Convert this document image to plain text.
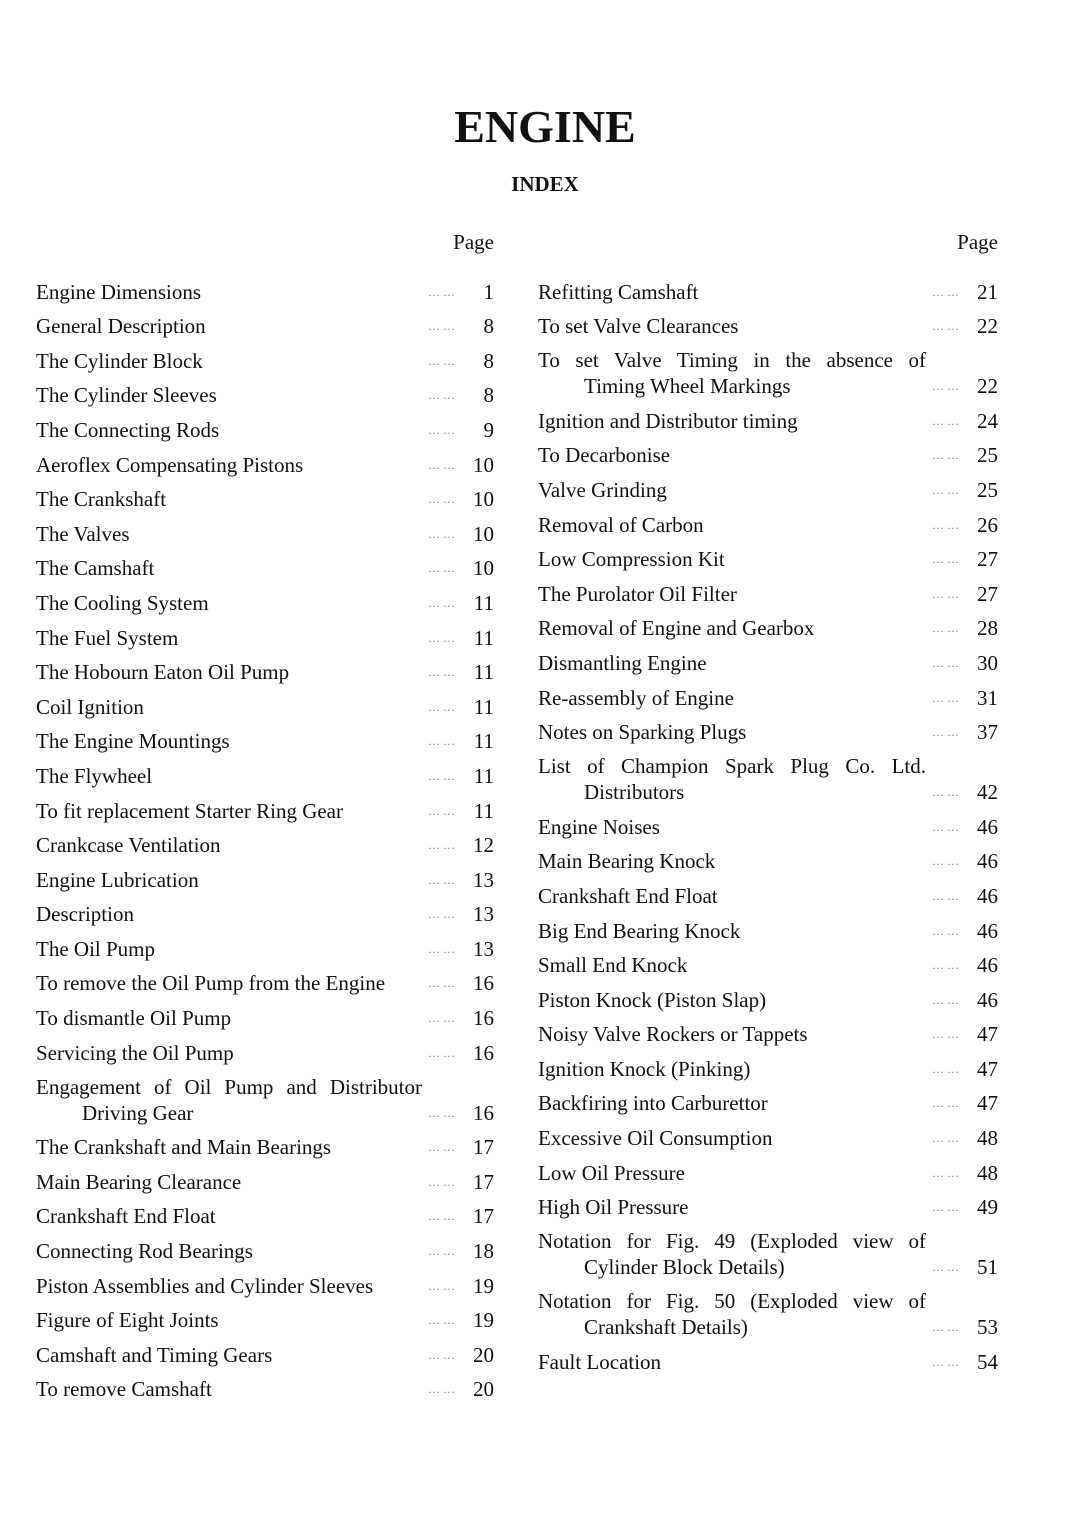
ENGINE
INDEX
Page
Engine Dimensions	……	1
General Description	……	8
The Cylinder Block	……	8
The Cylinder Sleeves	……	8
The Connecting Rods	……	9
Aeroflex Compensating Pistons	…… 10
The Crankshaft	…… 10
The Valves	…… 10
The Camshaft	…… 10
The Cooling System	…… 11
The Fuel System	…… 11
The Hobourn Eaton Oil Pump	…… 11
Coil Ignition	…… 11
The Engine Mountings	…… 11
The Flywheel	…… 11
To fit replacement Starter Ring Gear	…… 11
Crankcase Ventilation	…… 12
Engine Lubrication	…… 13
Description	…… 13
The Oil Pump	…… 13
To remove the Oil Pump from the Engine	…… 16
To dismantle Oil Pump	…… 16
Servicing the Oil Pump	…… 16
Engagement of Oil Pump and Distributor
Driving Gear	…… 16
The Crankshaft and Main Bearings	…… 17
Main Bearing Clearance	…… 17
Crankshaft End Float	…… 17
Connecting Rod Bearings	…… 18
Piston Assemblies and Cylinder Sleeves	…… 19
Figure of Eight Joints	…… 19
Camshaft and Timing Gears	…… 20
To remove Camshaft	…… 20
Page
Refitting Camshaft	…… 21
To set Valve Clearances	…… 22
To set Valve Timing in the absence of
Timing Wheel Markings	…… 22
Ignition and Distributor timing	…… 24
To Decarbonise	…… 25
Valve Grinding	…… 25
Removal of Carbon	…… 26
Low Compression Kit	…… 27
The Purolator Oil Filter	…… 27
Removal of Engine and Gearbox	…… 28
Dismantling Engine	…… 30
Re-assembly of Engine	…… 31
Notes on Sparking Plugs	…… 37
List of Champion Spark Plug Co. Ltd.
Distributors	…… 42
Engine Noises	…… 46
Main Bearing Knock	…… 46
Crankshaft End Float	…… 46
Big End Bearing Knock	…… 46
Small End Knock	…… 46
Piston Knock (Piston Slap)	…… 46
Noisy Valve Rockers or Tappets	…… 47
Ignition Knock (Pinking)	…… 47
Backfiring into Carburettor	…… 47
Excessive Oil Consumption	…… 48
Low Oil Pressure	…… 48
High Oil Pressure	…… 49
Notation for Fig. 49 (Exploded view of
Cylinder Block Details)	…… 51
Notation for Fig. 50 (Exploded view of
Crankshaft Details)	…… 53
Fault Location	…… 54
